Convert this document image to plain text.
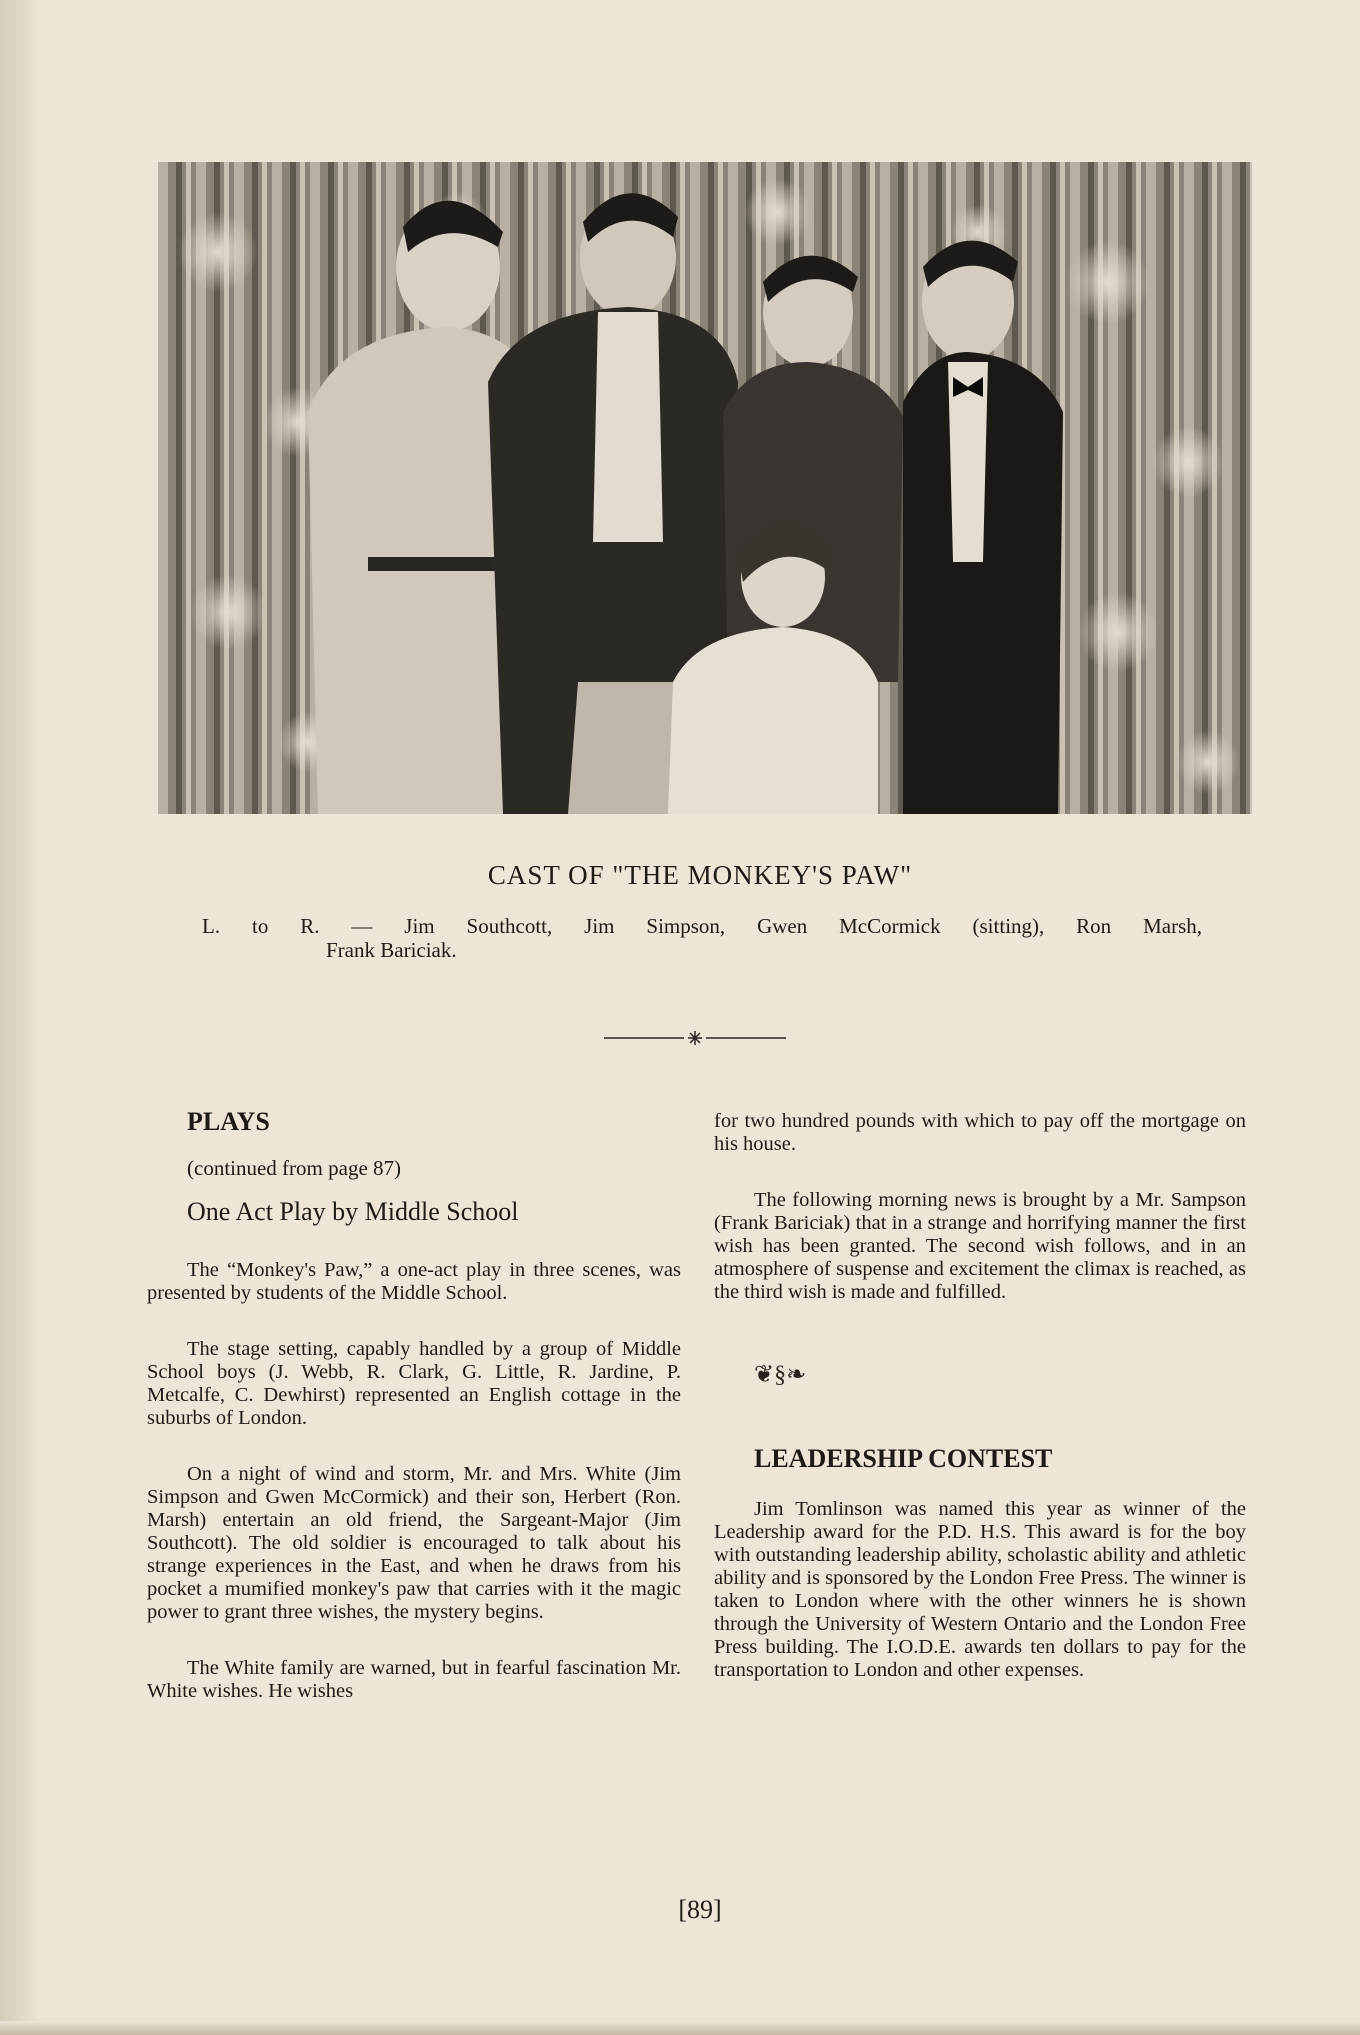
CAST OF "THE MONKEY'S PAW"
L. to R. — Jim Southcott, Jim Simpson, Gwen McCormick (sitting), Ron Marsh,
Frank Bariciak.

PLAYS

(continued from page 87)

One Act Play by Middle School

The “Monkey's Paw,” a one-act play in three scenes, was presented by students of the Middle School.

The stage setting, capably handled by a group of Middle School boys (J. Webb, R. Clark, G. Little, R. Jardine, P. Metcalfe, C. Dewhirst) represented an English cottage in the suburbs of London.

On a night of wind and storm, Mr. and Mrs. White (Jim Simpson and Gwen McCormick) and their son, Herbert (Ron. Marsh) entertain an old friend, the Sargeant-Major (Jim Southcott). The old soldier is encouraged to talk about his strange experiences in the East, and when he draws from his pocket a mumified monkey's paw that carries with it the magic power to grant three wishes, the mystery begins.

The White family are warned, but in fearful fascination Mr. White wishes. He wishes

for two hundred pounds with which to pay off the mortgage on his house.

The following morning news is brought by a Mr. Sampson (Frank Bariciak) that in a strange and horrifying manner the first wish has been granted. The second wish follows, and in an atmosphere of suspense and excitement the climax is reached, as the third wish is made and fulfilled.

❦§❧

LEADERSHIP CONTEST

Jim Tomlinson was named this year as winner of the Leadership award for the P.D. H.S. This award is for the boy with outstanding leadership ability, scholastic ability and athletic ability and is sponsored by the London Free Press. The winner is taken to London where with the other winners he is shown through the University of Western Ontario and the London Free Press building. The I.O.D.E. awards ten dollars to pay for the transportation to London and other expenses.

[89]
